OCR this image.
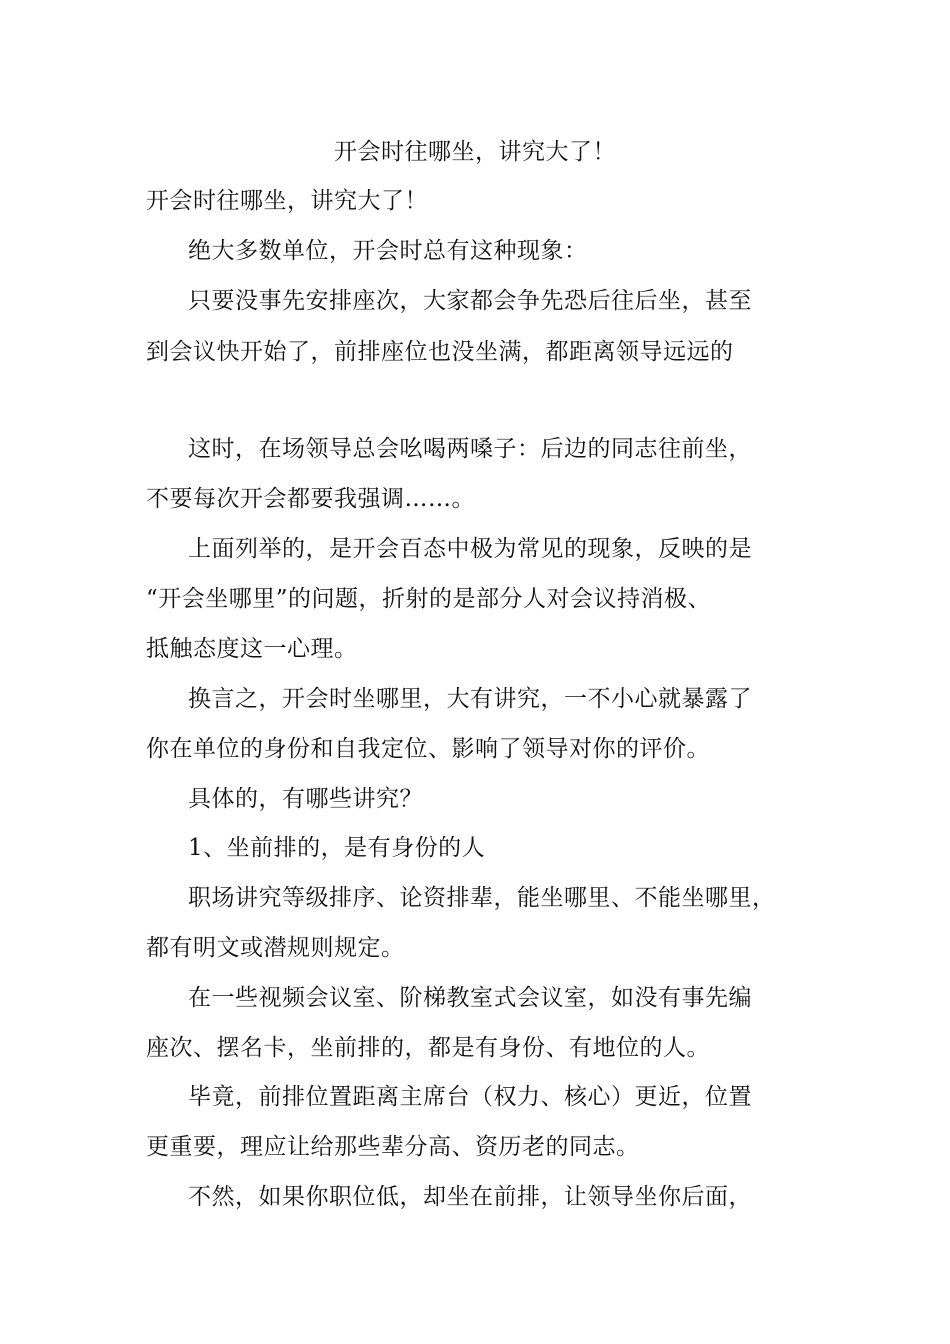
开会时往哪坐，讲究大了！
开会时往哪坐，讲究大了！
绝大多数单位，开会时总有这种现象：
只要没事先安排座次，大家都会争先恐后往后坐，甚至
到会议快开始了，前排座位也没坐满，都距离领导远远的
这时，在场领导总会吆喝两嗓子：后边的同志往前坐，
不要每次开会都要我强调……。
上面列举的，是开会百态中极为常见的现象，反映的是
“开会坐哪里”的问题，折射的是部分人对会议持消极、
抵触态度这一心理。
换言之，开会时坐哪里，大有讲究，一不小心就暴露了
你在单位的身份和自我定位、影响了领导对你的评价。
具体的，有哪些讲究？
1、坐前排的，是有身份的人
职场讲究等级排序、论资排辈，能坐哪里、不能坐哪里，
都有明文或潜规则规定。
在一些视频会议室、阶梯教室式会议室，如没有事先编
座次、摆名卡，坐前排的，都是有身份、有地位的人。
毕竟，前排位置距离主席台（权力、核心）更近，位置
更重要，理应让给那些辈分高、资历老的同志。
不然，如果你职位低，却坐在前排，让领导坐你后面，
